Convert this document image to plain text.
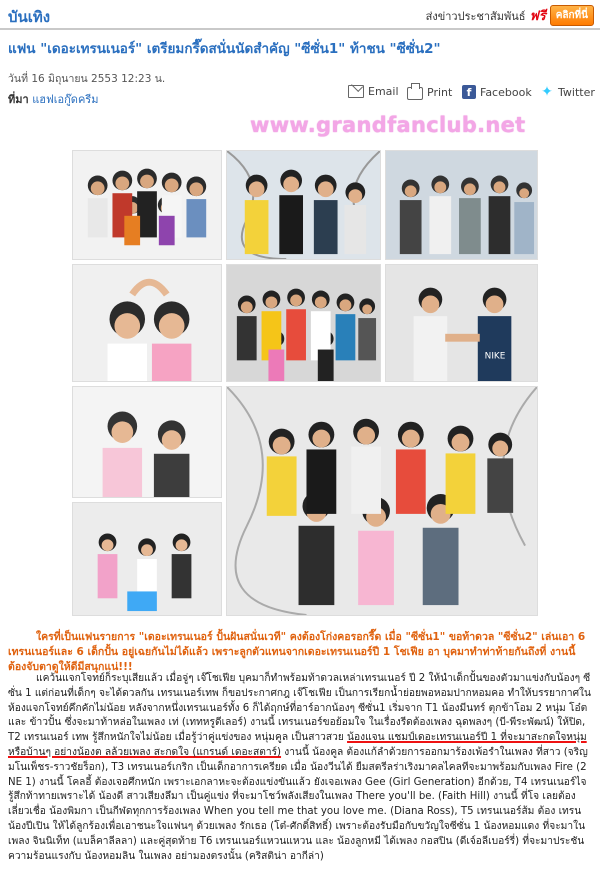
บันเทิง	ส่งข่าวประชาสัมพันธ์ ฟรี	คลิกที่นี่
แฟน "เดอะเทรนเนอร์" เตรียมกรี๊ดสนั่นนัดสำคัญ "ซีซั่น1" ท้าชน "ซีซั่น2"
วันที่ 16 มิถุนายน 2553 12:23 น.
ที่มา แฮฟเอกู๊ดครีม
Email	Print	f Facebook ✦ Twitter
www.grandfanclub.net
NIKE
ใครที่เป็นแฟนรายการ "เดอะเทรนเนอร์ ปั้นฝันสนั่นเวที" คงต้องโก่งคอรอกรี๊ด เมื่อ "ซีซั่น1" ขอท้าดวล "ซีซั่น2" เล่นเอา 6 เทรนเนอร์และ 6 เด็กปั้น อยู่เฉยกันไม่ได้แล้ว เพราะลูกตัวแทนจากเดอะเทรนเนอร์ปี 1 โชเฟีย อา บุคมาทำท่าท้ายกันถึงที่ งานนี้ต้องจับตาดูให้ดีมีสนุกแน่!!!
แคว้นแจกโจทย์ก็ระบุเสียแล้ว เมื่อจู่ๆ เจ๊โชเฟีย บุคมาก็ทำพร้อมท้าดวลเหล่าเทรนเนอร์ ปี 2 ให้นำเด็กปั้นของตัวมาแข่งกับน้องๆ ซีซั่น 1 แต่ก่อนที่เด็กๆ จะได้ดวลกัน เทรนเนอร์เทพ ก็ขอประกาศกฎ เจ๊โชเฟีย เป็นการเรียกน้ำย่อยพอหอมปากหอมคอ ทำให้บรรยากาศในห้องแจกโจทย์คึกคักไม่น้อย หลังจากหนึ่งเทรนเนอร์ทั้ง 6 ก็ได้ฤกษ์ที่อาร์อากน้องๆ ซีซั่น1 เริ่มจาก T1 น้องมีนทร์ ตุกข้าโอม 2 หนุ่ม โอ๋ต และ ข้าวปั้น ซึ่งจะมาท้าหล่อในเพลง เท่ (เททหรูดีเลอร์) งานนี้ เทรนเนอร์ขอย้อมใจ ในเรื่องรีดต้องเพลง ฉุดพลงๆ (บี-พีระพัฒน์) ให้ปิด, T2 เทรนเนอร์ เทพ รู้สึกหนักใจไม่น้อย เมื่อรู้ว่าคู่แข่งของ หนุ่มคูล เป็นสาวสวย น้องแจน แชมป์เดอะเทรนเนอร์ปี 1 ที่จะมาสะกดใจหนุ่มหรือบ้านๆ อย่างน้องต ลล้วยเพลง สะกดใจ (แกรนด์ เดอะสตาร์) งานนี้ น้องคูล ต้องแก้ลำด้วยการออกมาร้องเพ้อรำในเพลง ที่สาว (จริญ มโนเพ็ชร-ราวชัยร็อก), T3 เทรนเนอร์เกริก เป็นเด็กอาการเครียด เมื่อ น้องวีนได้ ยืมสตรีลร่าเริงมาคลไคลทีจะมาพร้อมกับเพลง Fire (2 NE 1) งานนี้ โคลอี้ ต้องเจอศึกหนัก เพราะเอกลาหะจะต้องแข่งขันแล้ว ยังเจอเพลง Gee (Girl Generation) อีกด้วย, T4 เทรนเนอร์ไจ รู้สึกท้าทายเพราะได้ น้องดี สาวเสียงลึมา เป็นคู่แข่ง ที่จะมาโชว์พลังเสียงในเพลง There you'll be. (Faith Hill) งานนี้ ที่โจ เลยต้องเลี่ยวเชื่อ น้องพิมกา เป็นกีฬดทุกการร้องเพลง When you tell me that you love me. (Diana Ross), T5 เทรนเนอร์ส้ม ต้อง เทรน น้องปีเปิน ให้ได้ลูกร้องเพื่อเอาชนะใจแฟนๆ ด้วยเพลง รักเธอ (โต๋-ศักดิ์สิทธิ์) เพราะต้องรับมือกับขวัญใจซีซั่น 1 น้องหอมแดง ที่จะมาในเพลง จินนิเท็ท (แบล็คาลีลลา) และคู่สุดท้าย T6 เทรนเนอร์แหวนแหวน และ น้องลูกหมี ได้เพลง กอสปิน (ดีเจ์อลีเบอร์รี่) ที่จะมาประชันความร้อนแรงกับ น้องหอมลิน ในเพลง อย่ามองตรงนั้น (คริสติน่า อากีล่า)
